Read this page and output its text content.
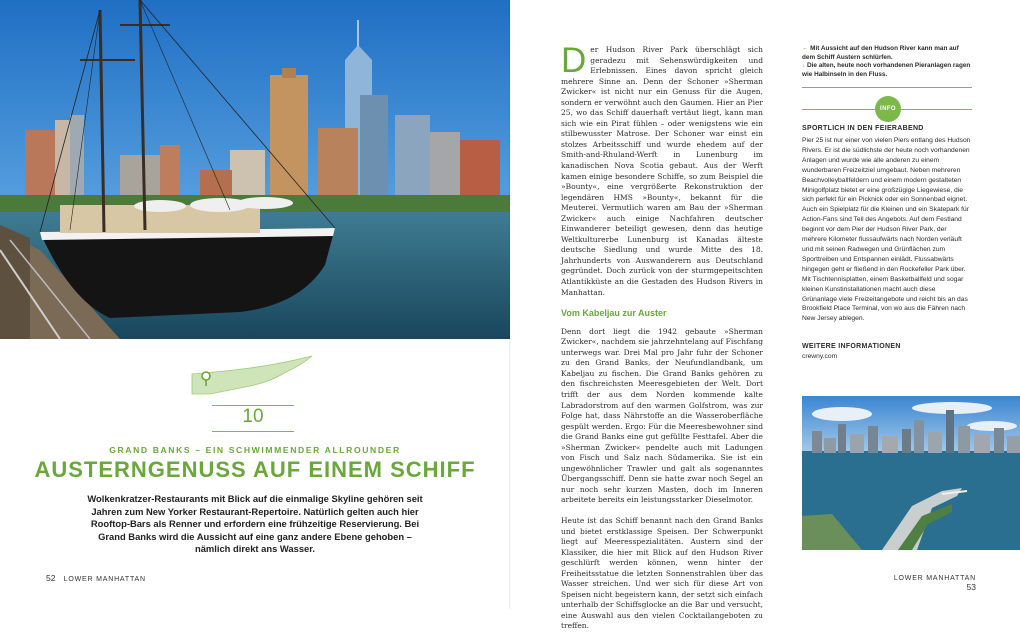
10
GRAND BANKS – EIN SCHWIMMENDER ALLROUNDER
AUSTERNGENUSS AUF EINEM SCHIFF
Wolkenkratzer-Restaurants mit Blick auf die einmalige Skyline gehören seit Jahren zum New Yorker Restaurant-Repertoire. Natürlich gelten auch hier Rooftop-Bars als Renner und erfordern eine frühzeitige Reservierung. Bei Grand Banks wird die Aussicht auf eine ganz andere Ebene gehoben – nämlich direkt ans Wasser.
52 LOWER MANHATTAN

Der Hudson River Park überschlägt sich geradezu mit Sehenswürdigkeiten und Erlebnissen. Eines davon spricht gleich mehrere Sinne an. Denn der Schoner »Sherman Zwicker« ist nicht nur ein Genuss für die Augen, sondern er verwöhnt auch den Gaumen. Hier an Pier 25, wo das Schiff dauerhaft vertäut liegt, kann man sich wie ein Pirat fühlen – oder wenigstens wie ein stilbewusster Matrose. Der Schoner war einst ein stolzes Arbeitsschiff und wurde ehedem auf der Smith-and-Rhuland-Werft in Lunenburg im kanadischen Nova Scotia gebaut. Aus der Werft kamen einige besondere Schiffe, so zum Beispiel die »Bounty«, eine vergrößerte Rekonstruktion der legendären HMS »Bounty«, bekannt für die Meuterei. Vermutlich waren am Bau der »Sherman Zwicker« auch einige Nachfahren deutscher Einwanderer beteiligt gewesen, denn das heutige Weltkulturerbe Lunenburg ist Kanadas älteste deutsche Siedlung und wurde Mitte des 18. Jahrhunderts von Auswanderern aus Deutschland gegründet. Doch zurück von der sturmgepeitschten Atlantikküste an die Gestaden des Hudson Rivers in Manhattan.

Vom Kabeljau zur Auster

Denn dort liegt die 1942 gebaute »Sherman Zwicker«, nachdem sie jahrzehntelang auf Fischfang unterwegs war. Drei Mal pro Jahr fuhr der Schoner zu den Grand Banks, der Neufundlandbank, um Kabeljau zu fischen. Die Grand Banks gehören zu den fischreichsten Meeresgebieten der Welt. Dort trifft der aus dem Norden kommende kalte Labradorstrom auf den warmen Golfstrom, was zur Folge hat, dass Nährstoffe an die Wasseroberfläche gespült werden. Ergo: Für die Meeresbewohner sind die Grand Banks eine gut gefüllte Festtafel. Aber die »Sherman Zwicker« pendelte auch mit Ladungen von Fisch und Salz nach Südamerika. Sie ist ein ungewöhnlicher Trawler und galt als sogenanntes Übergangsschiff. Denn sie hatte zwar noch Segel an nur noch sehr kurzen Masten, doch im Inneren arbeitete bereits ein leistungsstarker Dieselmotor.

Heute ist das Schiff benannt nach den Grand Banks und bietet erstklassige Speisen. Der Schwerpunkt liegt auf Meeresspezialitäten. Austern sind der Klassiker, die hier mit Blick auf den Hudson River geschlürft werden können, wenn hinter der Freiheitsstatue die letzten Sonnenstrahlen über das Wasser streichen. Und wer sich für diese Art von Speisen nicht begeistern kann, der setzt sich einfach unterhalb der Schiffsglocke an die Bar und versucht, eine Auswahl aus den vielen Cocktailangeboten zu treffen.

← Mit Aussicht auf den Hudson River kann man auf dem Schiff Austern schlürfen.
↓ Die alten, heute noch vorhandenen Pieranlagen ragen wie Halbinseln in den Fluss.
INFO
SPORTLICH IN DEN FEIERABEND
Pier 25 ist nur einer von vielen Piers entlang des Hudson Rivers. Er ist die südlichste der heute noch vorhandenen Anlagen und wurde wie alle anderen zu einem wunderbaren Freizeitziel umgebaut. Neben mehreren Beachvolleyballfeldern und einem modern gestalteten Minigolfplatz bietet er eine großzügige Liegewiese, die sich perfekt für ein Picknick oder ein Sonnenbad eignet. Auch ein Spielplatz für die Kleinen und ein Skatepark für Action-Fans sind Teil des Angebots. Auf dem Festland beginnt vor dem Pier der Hudson River Park, der mehrere Kilometer flussaufwärts nach Norden verläuft und mit seinen Radwegen und Grünflächen zum Sporttreiben und Entspannen einlädt. Flussabwärts hingegen geht er fließend in den Rockefeller Park über. Mit Tischtennisplatten, einem Basketballfeld und sogar kleinen Kunstinstallationen macht auch diese Grünanlage viele Freizeitangebote und reicht bis an das Brookfield Place Terminal, von wo aus die Fähren nach New Jersey ablegen.
WEITERE INFORMATIONEN
crewny.com
LOWER MANHATTAN 53
